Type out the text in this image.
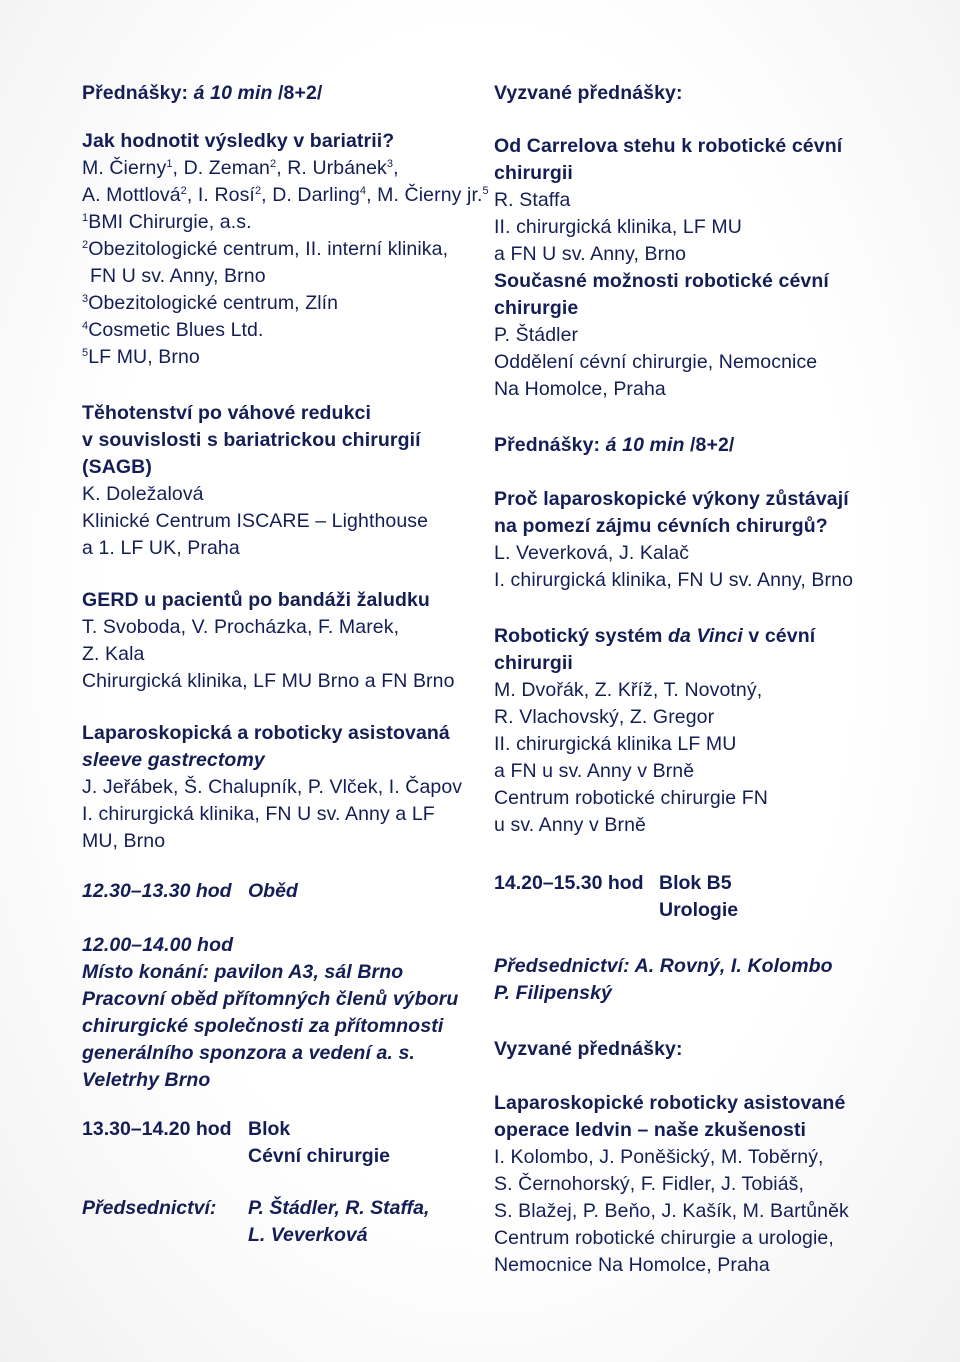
Přednášky: á 10 min /8+2/
Jak hodnotit výsledky v bariatrii?
M. Čierny$^1$, D. Zeman$^2$, R. Urbánek$^3$,
A. Mottlová$^2$, I. Rosí$^2$, D. Darling$^4$, M. Čierny jr.$^5$
$^1$BMI Chirurgie, a.s.
$^2$Obezitologické centrum, II. interní klinika,
FN U sv. Anny, Brno
$^3$Obezitologické centrum, Zlín
$^4$Cosmetic Blues Ltd.
$^5$LF MU, Brno
Těhotenství po váhové redukci
v souvislosti s bariatrickou chirurgií
(SAGB)
K. Doležalová
Klinické Centrum ISCARE – Lighthouse
a 1. LF UK, Praha
GERD u pacientů po bandáži žaludku
T. Svoboda, V. Procházka, F. Marek,
Z. Kala
Chirurgická klinika, LF MU Brno a FN Brno
Laparoskopická a roboticky asistovaná
sleeve gastrectomy
J. Jeřábek, Š. Chalupník, P. Vlček, I. Čapov
I. chirurgická klinika, FN U sv. Anny a LF
MU, Brno
12.30–13.30 hod Oběd
12.00–14.00 hod
Místo konání: pavilon A3, sál Brno
Pracovní oběd přítomných členů výboru
chirurgické společnosti za přítomnosti
generálního sponzora a vedení a. s.
Veletrhy Brno
13.30–14.20 hod Blok
Cévní chirurgie
Předsednictví: P. Štádler, R. Staffa,
L. Veverková
Vyzvané přednášky:
Od Carrelova stehu k robotické cévní
chirurgii
R. Staffa
II. chirurgická klinika, LF MU
a FN U sv. Anny, Brno
Současné možnosti robotické cévní
chirurgie
P. Štádler
Oddělení cévní chirurgie, Nemocnice
Na Homolce, Praha
Přednášky: á 10 min /8+2/
Proč laparoskopické výkony zůstávají
na pomezí zájmu cévních chirurgů?
L. Veverková, J. Kalač
I. chirurgická klinika, FN U sv. Anny, Brno
Robotický systém da Vinci v cévní
chirurgii
M. Dvořák, Z. Kříž, T. Novotný,
R. Vlachovský, Z. Gregor
II. chirurgická klinika LF MU
a FN u sv. Anny v Brně
Centrum robotické chirurgie FN
u sv. Anny v Brně
14.20–15.30 hod Blok B5
Urologie
Předsednictví: A. Rovný, I. Kolombo
P. Filipenský
Vyzvané přednášky:
Laparoskopické roboticky asistované
operace ledvin – naše zkušenosti
I. Kolombo, J. Poněšický, M. Toběrný,
S. Černohorský, F. Fidler, J. Tobiáš,
S. Blažej, P. Beňo, J. Kašík, M. Bartůněk
Centrum robotické chirurgie a urologie,
Nemocnice Na Homolce, Praha
